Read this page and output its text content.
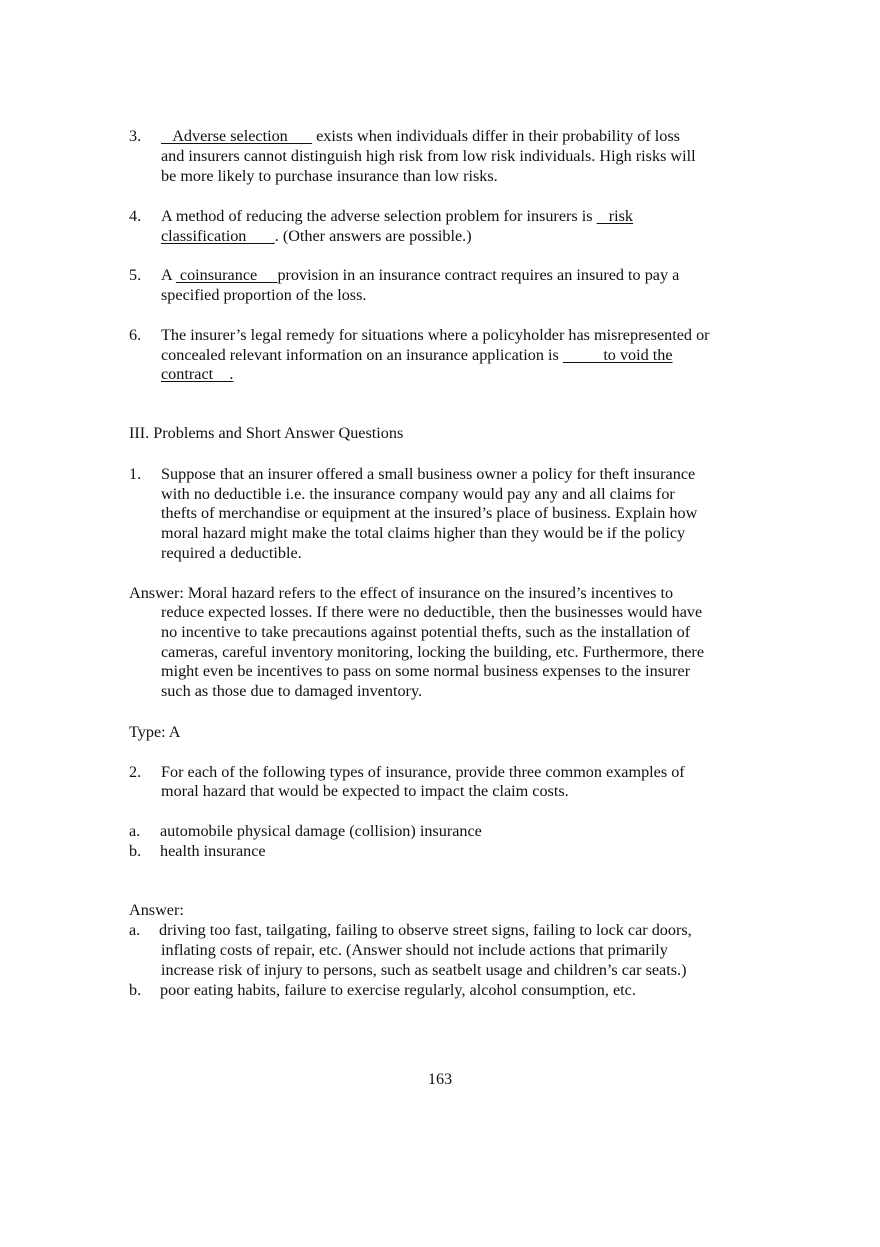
3. Adverse selection       exists when individuals differ in their probability of loss
and insurers cannot distinguish high risk from low risk individuals. High risks will
be more likely to purchase insurance than low risks.
4. A method of reducing the adverse selection problem for insurers is    risk
classification       . (Other answers are possible.)
5. A  coinsurance     provision in an insurance contract requires an insured to pay a
specified proportion of the loss.
6. The insurer’s legal remedy for situations where a policyholder has misrepresented or
concealed relevant information on an insurance application is           to void the
contract    .
III. Problems and Short Answer Questions
1. Suppose that an insurer offered a small business owner a policy for theft insurance
with no deductible i.e. the insurance company would pay any and all claims for
thefts of merchandise or equipment at the insured’s place of business. Explain how
moral hazard might make the total claims higher than they would be if the policy
required a deductible.
Answer: Moral hazard refers to the effect of insurance on the insured’s incentives to
reduce expected losses. If there were no deductible, then the businesses would have
no incentive to take precautions against potential thefts, such as the installation of
cameras, careful inventory monitoring, locking the building, etc. Furthermore, there
might even be incentives to pass on some normal business expenses to the insurer
such as those due to damaged inventory.
Type: A
2. For each of the following types of insurance, provide three common examples of
moral hazard that would be expected to impact the claim costs.
a. automobile physical damage (collision) insurance
b. health insurance
Answer:
a. driving too fast, tailgating, failing to observe street signs, failing to lock car doors,
inflating costs of repair, etc. (Answer should not include actions that primarily
increase risk of injury to persons, such as seatbelt usage and children’s car seats.)
b. poor eating habits, failure to exercise regularly, alcohol consumption, etc.
163
